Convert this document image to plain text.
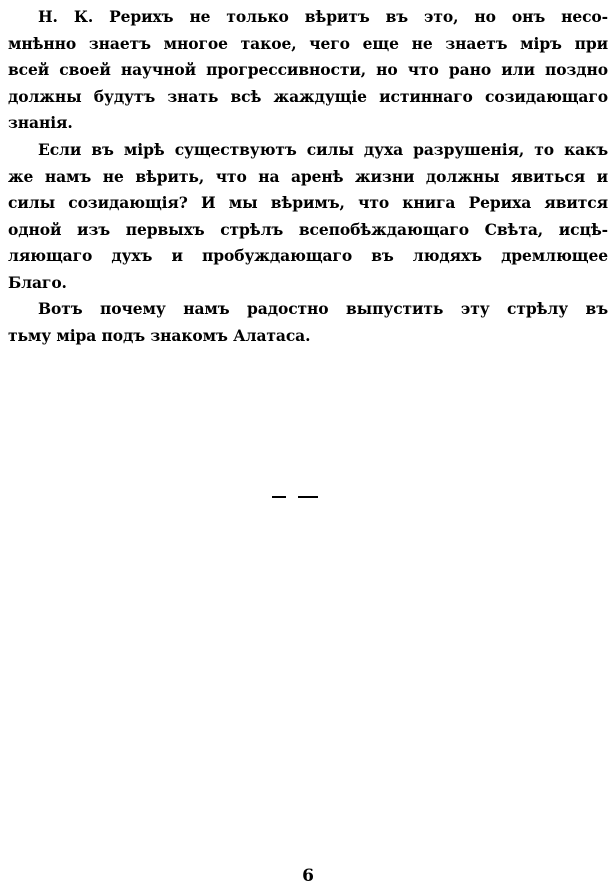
Н. К. Рерихъ не только вѣритъ въ это, но онъ несо-
мнѣнно знаетъ многое такое, чего еще не знаетъ міръ при
всей своей научной прогрессивности, но что рано или поздно
должны будутъ знать всѣ жаждущіе истиннаго созидающаго
знанія.
Если въ мірѣ существуютъ силы духа разрушенія, то какъ
же намъ не вѣрить, что на аренѣ жизни должны явиться и
силы созидающія? И мы вѣримъ, что книга Рериха явится
одной изъ первыхъ стрѣлъ всепобѣждающаго Свѣта, исцѣ-
ляющаго духъ и пробуждающаго въ людяхъ дремлющее
Благо.
Вотъ почему намъ радостно выпустить эту стрѣлу въ
тьму міра подъ знакомъ Алатаса.
6
